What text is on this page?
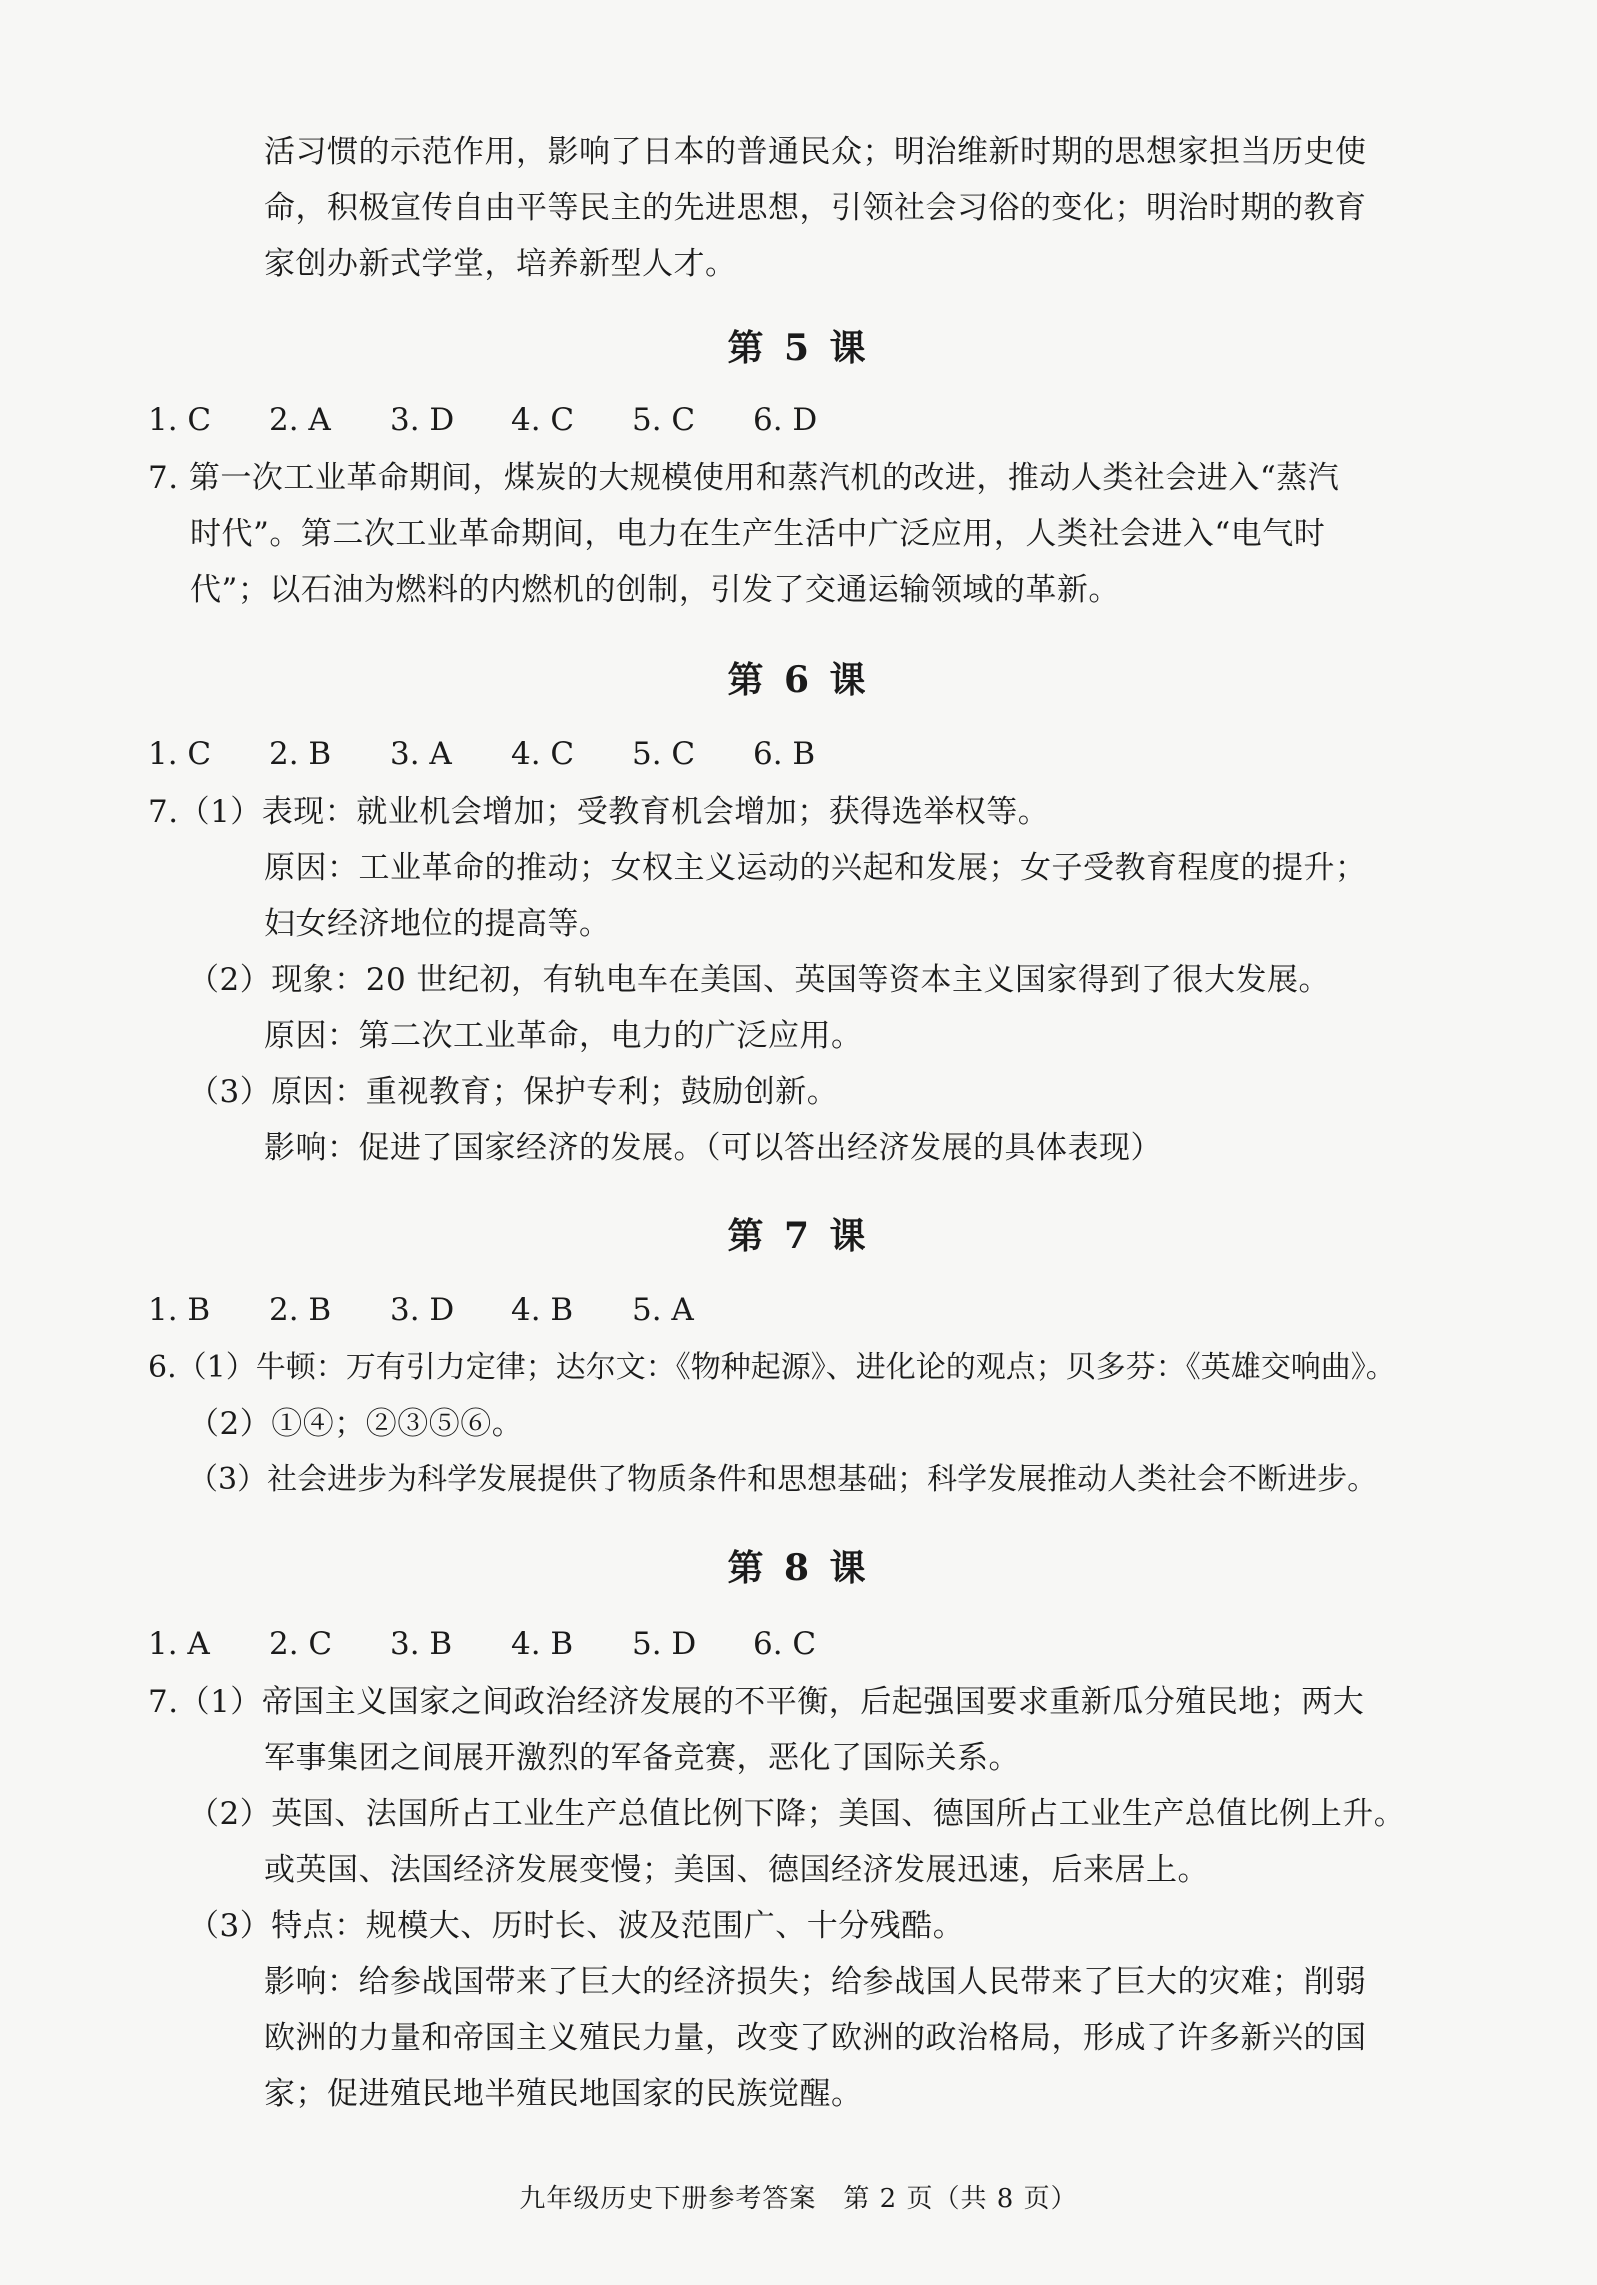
活习惯的示范作用，影响了日本的普通民众；明治维新时期的思想家担当历史使
命，积极宣传自由平等民主的先进思想，引领社会习俗的变化；明治时期的教育
家创办新式学堂，培养新型人才。
第 5 课
1. C 2. A 3. D 4. C 5. C 6. D
7. 第一次工业革命期间，煤炭的大规模使用和蒸汽机的改进，推动人类社会进入“蒸汽
时代”。第二次工业革命期间，电力在生产生活中广泛应用，人类社会进入“电气时
代”；以石油为燃料的内燃机的创制，引发了交通运输领域的革新。
第 6 课
1. C 2. B 3. A 4. C 5. C 6. B
7.（1）表现：就业机会增加；受教育机会增加；获得选举权等。
原因：工业革命的推动；女权主义运动的兴起和发展；女子受教育程度的提升；
妇女经济地位的提高等。
（2）现象：20 世纪初，有轨电车在美国、英国等资本主义国家得到了很大发展。
原因：第二次工业革命，电力的广泛应用。
（3）原因：重视教育；保护专利；鼓励创新。
影响：促进了国家经济的发展。（可以答出经济发展的具体表现）
第 7 课
1. B 2. B 3. D 4. B 5. A
6.（1）牛顿：万有引力定律；达尔文：《物种起源》、进化论的观点；贝多芬：《英雄交响曲》。
（2）①④；②③⑤⑥。
（3）社会进步为科学发展提供了物质条件和思想基础；科学发展推动人类社会不断进步。
第 8 课
1. A 2. C 3. B 4. B 5. D 6. C
7.（1）帝国主义国家之间政治经济发展的不平衡，后起强国要求重新瓜分殖民地；两大
军事集团之间展开激烈的军备竞赛，恶化了国际关系。
（2）英国、法国所占工业生产总值比例下降；美国、德国所占工业生产总值比例上升。
或英国、法国经济发展变慢；美国、德国经济发展迅速，后来居上。
（3）特点：规模大、历时长、波及范围广、十分残酷。
影响：给参战国带来了巨大的经济损失；给参战国人民带来了巨大的灾难；削弱
欧洲的力量和帝国主义殖民力量，改变了欧洲的政治格局，形成了许多新兴的国
家；促进殖民地半殖民地国家的民族觉醒。
九年级历史下册参考答案　第 2 页（共 8 页）
